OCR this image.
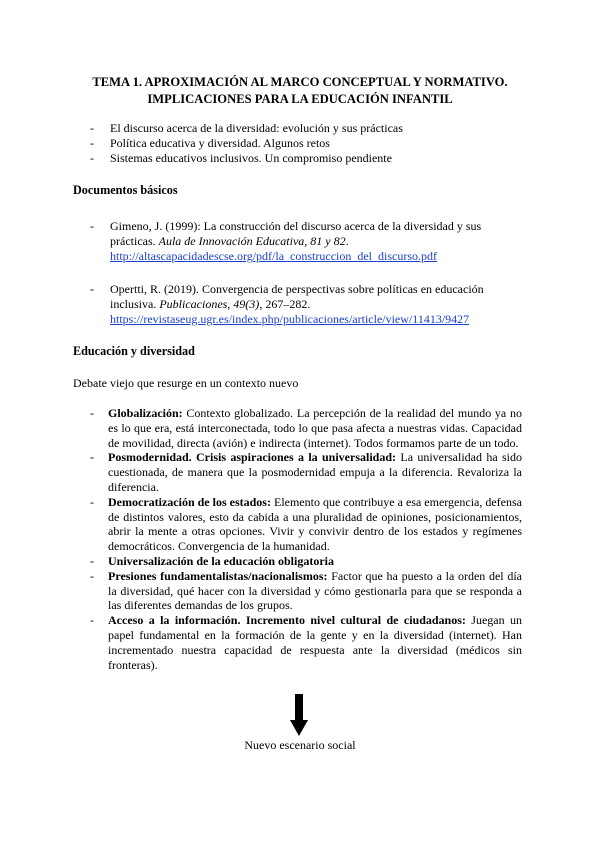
TEMA 1. APROXIMACIÓN AL MARCO CONCEPTUAL Y NORMATIVO.
IMPLICACIONES PARA LA EDUCACIÓN INFANTIL
- El discurso acerca de la diversidad: evolución y sus prácticas
- Política educativa y diversidad. Algunos retos
- Sistemas educativos inclusivos. Un compromiso pendiente
Documentos básicos
- Gimeno, J. (1999): La construcción del discurso acerca de la diversidad y sus prácticas. Aula de Innovación Educativa, 81 y 82.
http://altascapacidadescse.org/pdf/la_construccion_del_discurso.pdf
- Opertti, R. (2019). Convergencia de perspectivas sobre políticas en educación inclusiva. Publicaciones, 49(3), 267–282.
https://revistaseug.ugr.es/index.php/publicaciones/article/view/11413/9427
Educación y diversidad
Debate viejo que resurge en un contexto nuevo
- Globalización: Contexto globalizado. La percepción de la realidad del mundo ya no es lo que era, está interconectada, todo lo que pasa afecta a nuestras vidas. Capacidad de movilidad, directa (avión) e indirecta (internet). Todos formamos parte de un todo.
- Posmodernidad. Crisis aspiraciones a la universalidad: La universalidad ha sido cuestionada, de manera que la posmodernidad empuja a la diferencia. Revaloriza la diferencia.
- Democratización de los estados: Elemento que contribuye a esa emergencia, defensa de distintos valores, esto da cabida a una pluralidad de opiniones, posicionamientos, abrir la mente a otras opciones. Vivir y convivir dentro de los estados y regímenes democráticos. Convergencia de la humanidad.
- Universalización de la educación obligatoria
- Presiones fundamentalistas/nacionalismos: Factor que ha puesto a la orden del día la diversidad, qué hacer con la diversidad y cómo gestionarla para que se responda a las diferentes demandas de los grupos.
- Acceso a la información. Incremento nivel cultural de ciudadanos: Juegan un papel fundamental en la formación de la gente y en la diversidad (internet). Han incrementado nuestra capacidad de respuesta ante la diversidad (médicos sin fronteras).
Nuevo escenario social
